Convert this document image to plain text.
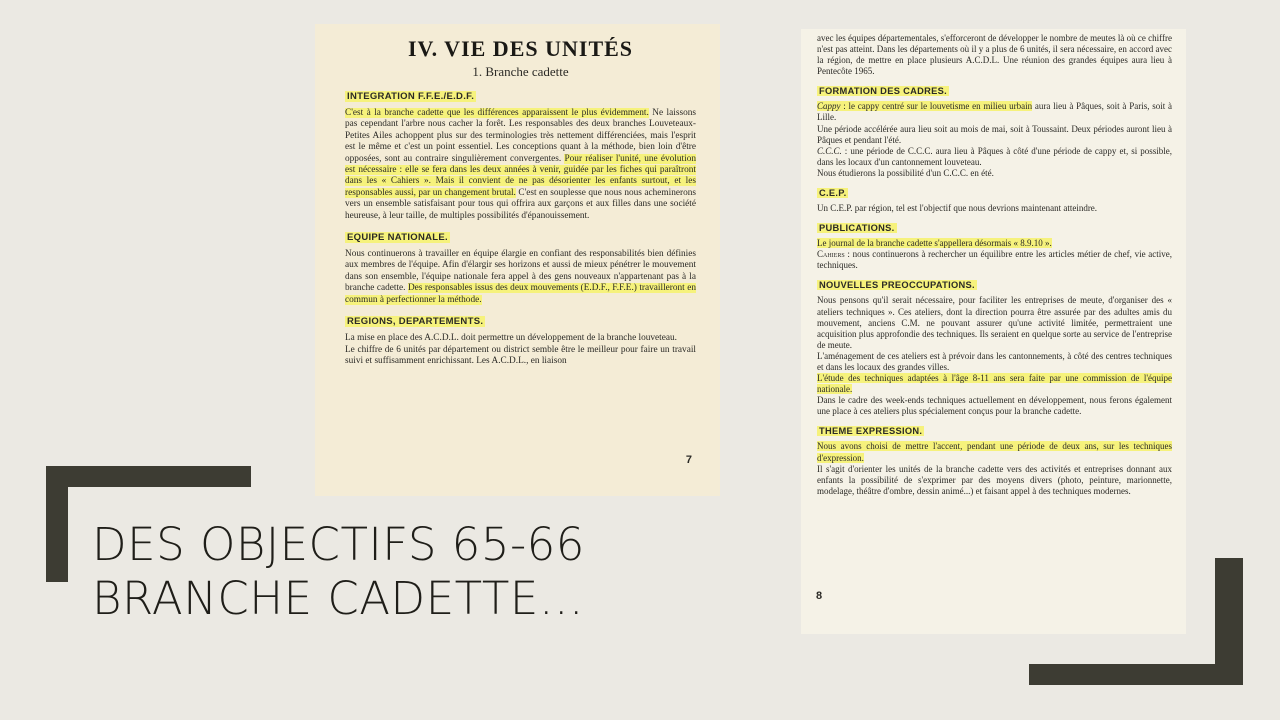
IV. VIE DES UNITÉS
1. Branche cadette
INTEGRATION F.F.E./E.D.F.

C'est à la branche cadette que les différences apparaissent le plus évidemment. Ne laissons pas cependant l'arbre nous cacher la forêt. Les responsables des deux branches Louveteaux-Petites Ailes achoppent plus sur des terminologies très nettement différenciées, mais l'esprit est le même et c'est un point essentiel. Les conceptions quant à la méthode, bien loin d'être opposées, sont au contraire singulièrement convergentes. Pour réaliser l'unité, une évolution est nécessaire : elle se fera dans les deux années à venir, guidée par les fiches qui paraîtront dans les « Cahiers ». Mais il convient de ne pas désorienter les enfants surtout, et les responsables aussi, par un changement brutal. C'est en souplesse que nous nous acheminerons vers un ensemble satisfaisant pour tous qui offrira aux garçons et aux filles dans une société heureuse, à leur taille, de multiples possibilités d'épanouissement.

EQUIPE NATIONALE.

Nous continuerons à travailler en équipe élargie en confiant des responsabilités bien définies aux membres de l'équipe. Afin d'élargir ses horizons et aussi de mieux pénétrer le mouvement dans son ensemble, l'équipe nationale fera appel à des gens nouveaux n'appartenant pas à la branche cadette. Des responsables issus des deux mouvements (E.D.F., F.F.E.) travailleront en commun à perfectionner la méthode.

REGIONS, DEPARTEMENTS.

La mise en place des A.C.D.L. doit permettre un développement de la branche louveteau.

Le chiffre de 6 unités par département ou district semble être le meilleur pour faire un travail suivi et suffisamment enrichissant. Les A.C.D.L., en liaison

7

avec les équipes départementales, s'efforceront de développer le nombre de meutes là où ce chiffre n'est pas atteint. Dans les départements où il y a plus de 6 unités, il sera nécessaire, en accord avec la région, de mettre en place plusieurs A.C.D.L. Une réunion des grandes équipes aura lieu à Pentecôte 1965.

FORMATION DES CADRES.

Cappy : le cappy centré sur le louvetisme en milieu urbain aura lieu à Pâques, soit à Paris, soit à Lille.

Une période accélérée aura lieu soit au mois de mai, soit à Toussaint. Deux périodes auront lieu à Pâques et pendant l'été.

C.C.C. : une période de C.C.C. aura lieu à Pâques à côté d'une période de cappy et, si possible, dans les locaux d'un cantonnement louveteau.

Nous étudierons la possibilité d'un C.C.C. en été.

C.E.P.

Un C.E.P. par région, tel est l'objectif que nous devrions maintenant atteindre.

PUBLICATIONS.

Le journal de la branche cadette s'appellera désormais « 8.9.10 ».

Cahiers : nous continuerons à rechercher un équilibre entre les articles métier de chef, vie active, techniques.

NOUVELLES PREOCCUPATIONS.

Nous pensons qu'il serait nécessaire, pour faciliter les entreprises de meute, d'organiser des « ateliers techniques ». Ces ateliers, dont la direction pourra être assurée par des adultes amis du mouvement, anciens C.M. ne pouvant assurer qu'une activité limitée, permettraient une acquisition plus approfondie des techniques. Ils seraient en quelque sorte au service de l'entreprise de meute.

L'aménagement de ces ateliers est à prévoir dans les cantonnements, à côté des centres techniques et dans les locaux des grandes villes.

L'étude des techniques adaptées à l'âge 8-11 ans sera faite par une commission de l'équipe nationale.

Dans le cadre des week-ends techniques actuellement en développement, nous ferons également une place à ces ateliers plus spécialement conçus pour la branche cadette.

THEME EXPRESSION.

Nous avons choisi de mettre l'accent, pendant une période de deux ans, sur les techniques d'expression.

Il s'agit d'orienter les unités de la branche cadette vers des activités et entreprises donnant aux enfants la possibilité de s'exprimer par des moyens divers (photo, peinture, marionnette, modelage, théâtre d'ombre, dessin animé...) et faisant appel à des techniques modernes.

8
DES OBJECTIFS 65-66
BRANCHE CADETTE…
